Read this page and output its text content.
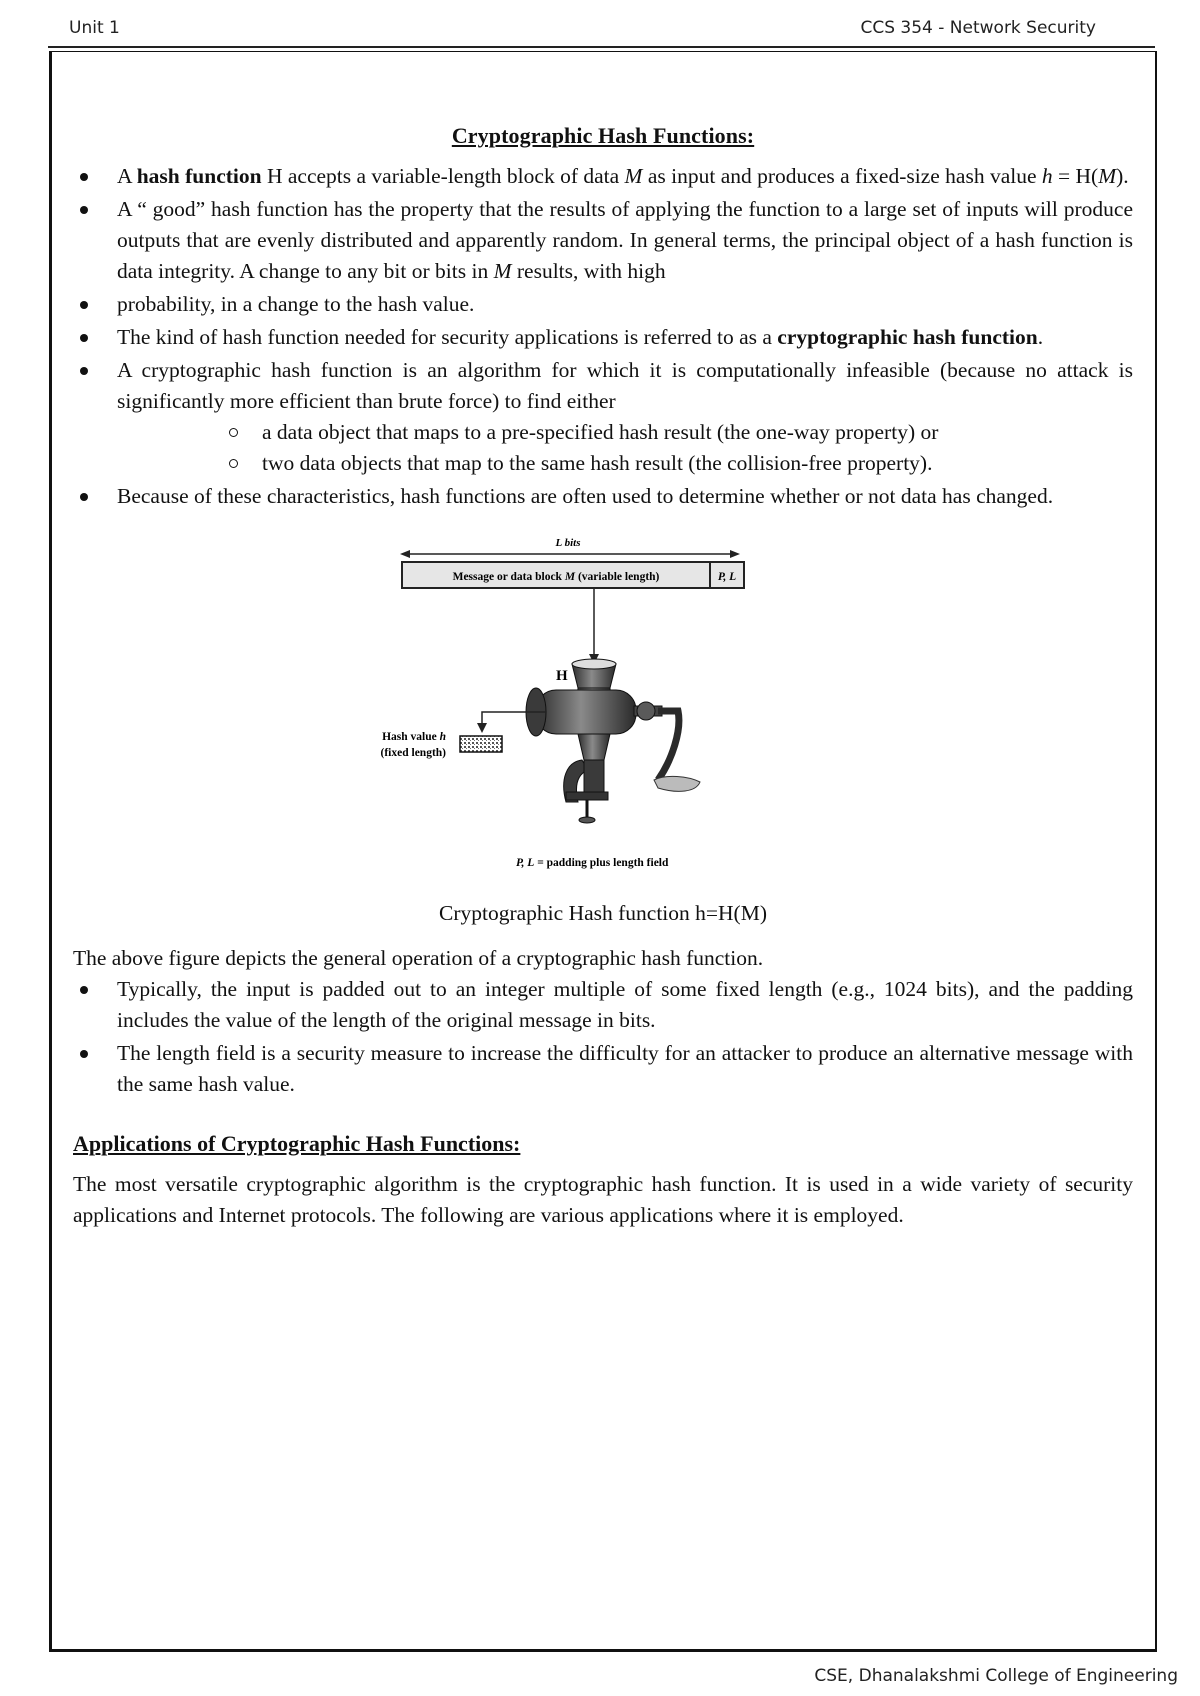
Unit 1	CCS 354 - Network Security
Cryptographic Hash Functions:
A hash function H accepts a variable-length block of data M as input and produces a fixed-size hash value h = H(M).
A “ good” hash function has the property that the results of applying the function to a large set of inputs will produce outputs that are evenly distributed and apparently random. In general terms, the principal object of a hash function is data integrity. A change to any bit or bits in M results, with high
probability, in a change to the hash value.
The kind of hash function needed for security applications is referred to as a cryptographic hash function.
A cryptographic hash function is an algorithm for which it is computationally infeasible (because no attack is significantly more efficient than brute force) to find either
a data object that maps to a pre-specified hash result (the one-way property) or
two data objects that map to the same hash result (the collision-free property).
Because of these characteristics, hash functions are often used to determine whether or not data has changed.
L bits
Message or data block M (variable length)	P, L
H
Hash value h
(fixed length)
P, L = padding plus length field
Cryptographic Hash function h=H(M)

The above figure depicts the general operation of a cryptographic hash function.

Typically, the input is padded out to an integer multiple of some fixed length (e.g., 1024 bits), and the padding includes the value of the length of the original message in bits.
The length field is a security measure to increase the difficulty for an attacker to produce an alternative message with the same hash value.
Applications of Cryptographic Hash Functions:

The most versatile cryptographic algorithm is the cryptographic hash function. It is used in a wide variety of security applications and Internet protocols. The following are various applications where it is employed.

CSE, Dhanalakshmi College of Engineering
